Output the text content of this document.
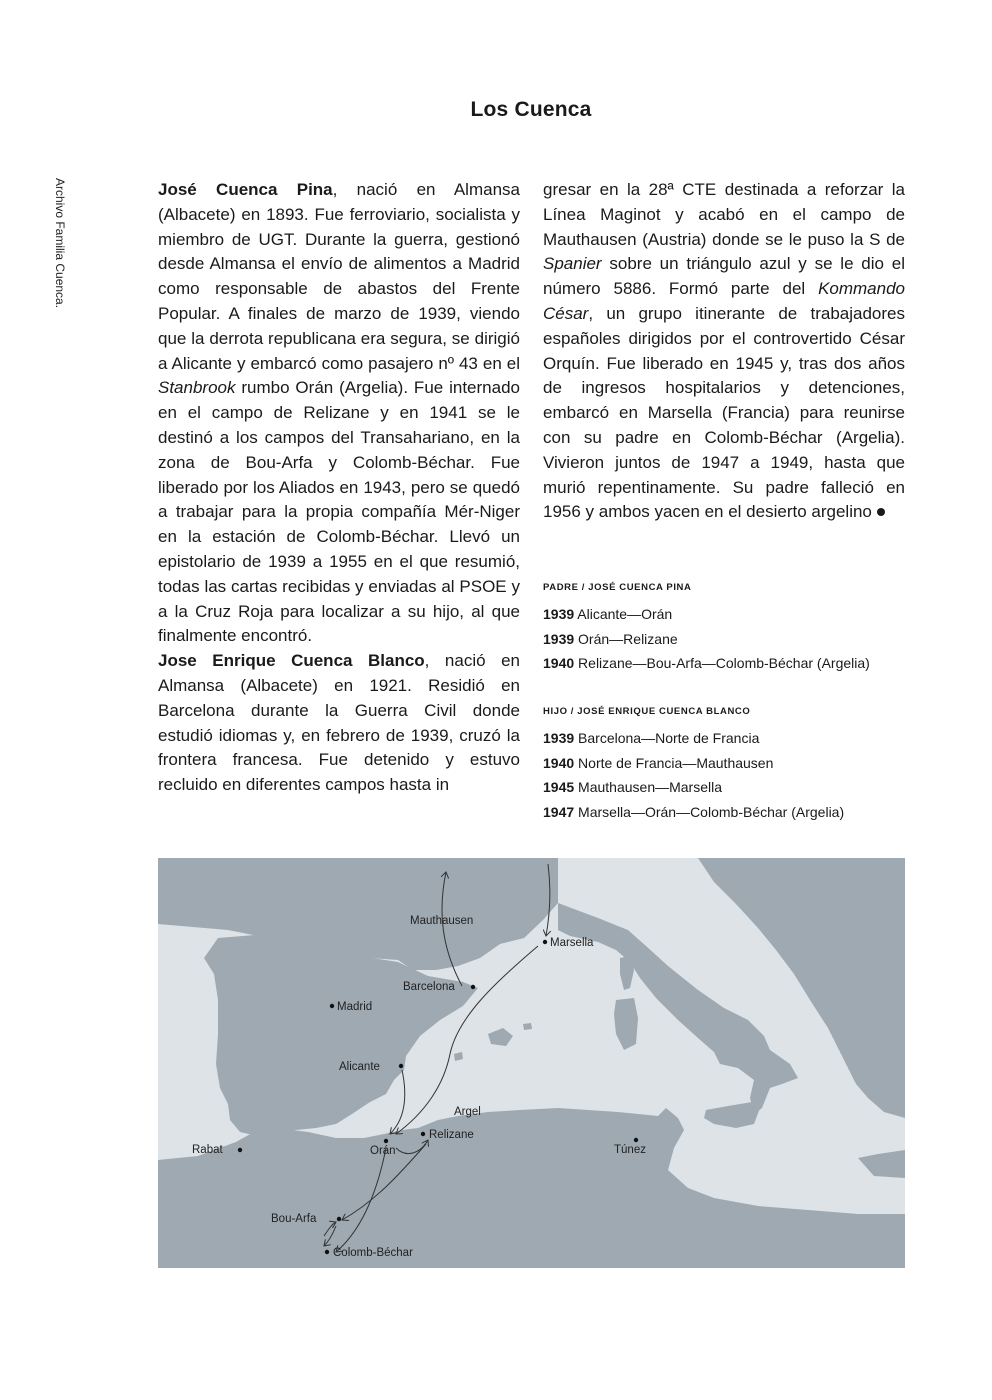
Los Cuenca
Archivo Familia Cuenca.	José Cuenca Pina, nació en Almansa (Albacete) en 1893. Fue ferroviario, socialista y miembro de UGT. Durante la guerra, gestionó desde Almansa el envío de alimentos a Madrid como responsable de abastos del Frente Popular. A finales de marzo de 1939, viendo que la derrota republicana era segura, se dirigió a Alicante y embarcó como pasajero nº 43 en el Stanbrook rumbo Orán (Argelia). Fue internado en el campo de Relizane y en 1941 se le destinó a los campos del Transahariano, en la zona de Bou-Arfa y Colomb-Béchar. Fue liberado por los Aliados en 1943, pero se quedó a trabajar para la propia compañía Mér-Niger en la estación de Colomb-Béchar. Llevó un epistolario de 1939 a 1955 en el que resumió, todas las cartas recibidas y enviadas al PSOE y a la Cruz Roja para localizar a su hijo, al que finalmente encontró.

Jose Enrique Cuenca Blanco, nació en Almansa (Albacete) en 1921. Residió en Barcelona durante la Guerra Civil donde estudió idiomas y, en febrero de 1939, cruzó la frontera francesa. Fue detenido y estuvo recluido en diferentes campos hasta in

gresar en la 28ª CTE destinada a reforzar la Línea Maginot y acabó en el campo de Mauthausen (Austria) donde se le puso la S de Spanier sobre un triángulo azul y se le dio el número 5886. Formó parte del Kommando César, un grupo itinerante de trabajadores españoles dirigidos por el controvertido César Orquín. Fue liberado en 1945 y, tras dos años de ingresos hospitalarios y detenciones, embarcó en Marsella (Francia) para reunirse con su padre en Colomb-Béchar (Argelia). Vivieron juntos de 1947 a 1949, hasta que murió repentinamente. Su padre falleció en 1956 y ambos yacen en el desierto argelino

PADRE / JOSÉ CUENCA PINA
1939 Alicante—Orán
1939 Orán—Relizane
1940 Relizane—Bou-Arfa—Colomb-Béchar (Argelia)
HIJO / JOSÉ ENRIQUE CUENCA BLANCO
1939 Barcelona—Norte de Francia
1940 Norte de Francia—Mauthausen
1945 Mauthausen—Marsella
1947 Marsella—Orán—Colomb-Béchar (Argelia)
Mauthausen
Marsella
Barcelona
Madrid
Alicante
Argel
Relizane
Orán
Rabat	Túnez
Bou-Arfa
Colomb-Béchar
